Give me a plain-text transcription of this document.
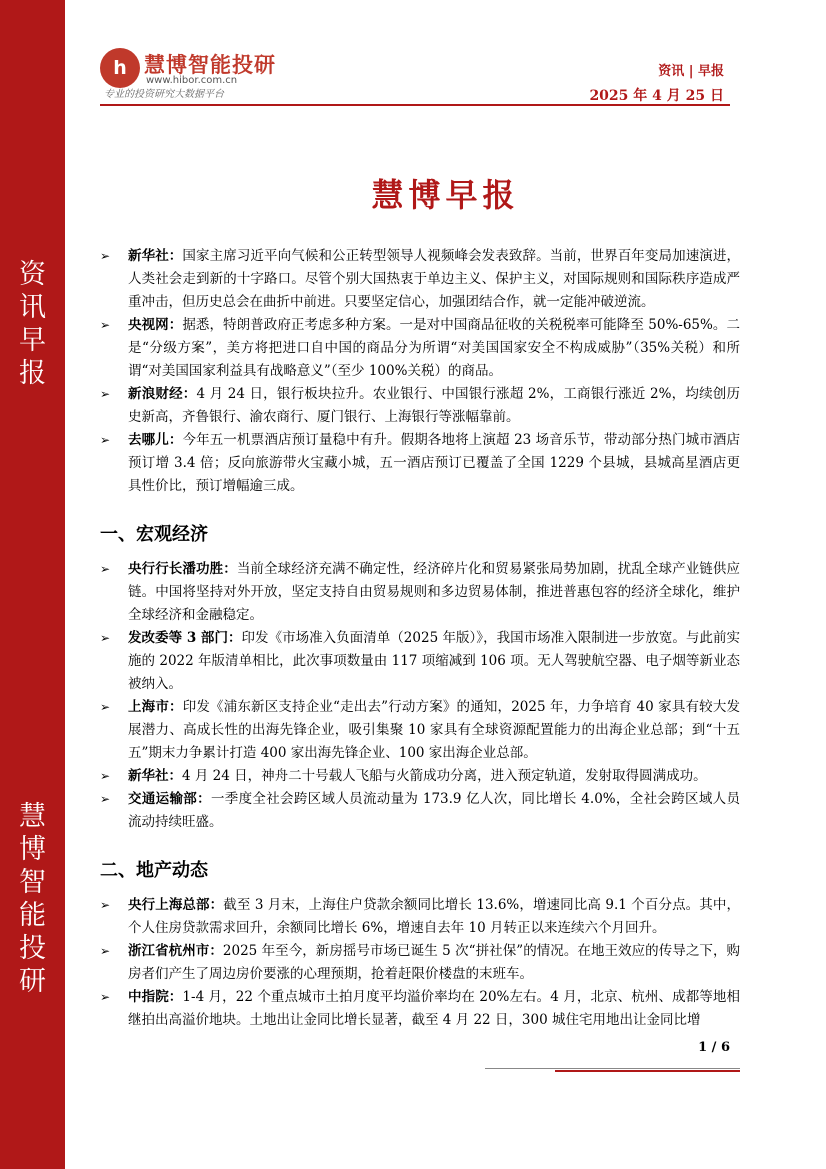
资
讯
早
报
慧
博
智
能
投
研
h 慧博智能投研
www.hibor.com.cn
专业的投资研究大数据平台
资讯 | 早报
2025 年 4 月 25 日
慧博早报
➢ 新华社：国家主席习近平向气候和公正转型领导人视频峰会发表致辞。当前，世界百年变局加速演进，人类社会走到新的十字路口。尽管个别大国热衷于单边主义、保护主义，对国际规则和国际秩序造成严重冲击，但历史总会在曲折中前进。只要坚定信心，加强团结合作，就一定能冲破逆流。
➢ 央视网：据悉，特朗普政府正考虑多种方案。一是对中国商品征收的关税税率可能降至 50%-65%。二是“分级方案”，美方将把进口自中国的商品分为所谓“对美国国家安全不构成威胁”（35%关税）和所谓“对美国国家利益具有战略意义”（至少 100%关税）的商品。
➢ 新浪财经：4 月 24 日，银行板块拉升。农业银行、中国银行涨超 2%，工商银行涨近 2%，均续创历史新高，齐鲁银行、渝农商行、厦门银行、上海银行等涨幅靠前。
➢ 去哪儿：今年五一机票酒店预订量稳中有升。假期各地将上演超 23 场音乐节，带动部分热门城市酒店预订增 3.4 倍；反向旅游带火宝藏小城，五一酒店预订已覆盖了全国 1229 个县城，县城高星酒店更具性价比，预订增幅逾三成。
一、宏观经济
➢ 央行行长潘功胜：当前全球经济充满不确定性，经济碎片化和贸易紧张局势加剧，扰乱全球产业链供应链。中国将坚持对外开放，坚定支持自由贸易规则和多边贸易体制，推进普惠包容的经济全球化，维护全球经济和金融稳定。
➢ 发改委等 3 部门：印发《市场准入负面清单（2025 年版）》，我国市场准入限制进一步放宽。与此前实施的 2022 年版清单相比，此次事项数量由 117 项缩减到 106 项。无人驾驶航空器、电子烟等新业态被纳入。
➢ 上海市：印发《浦东新区支持企业“走出去”行动方案》的通知，2025 年，力争培育 40 家具有较大发展潜力、高成长性的出海先锋企业，吸引集聚 10 家具有全球资源配置能力的出海企业总部；到“十五五”期末力争累计打造 400 家出海先锋企业、100 家出海企业总部。
➢ 新华社：4 月 24 日，神舟二十号载人飞船与火箭成功分离，进入预定轨道，发射取得圆满成功。
➢ 交通运输部：一季度全社会跨区域人员流动量为 173.9 亿人次，同比增长 4.0%，全社会跨区域人员流动持续旺盛。
二、地产动态
➢ 央行上海总部：截至 3 月末，上海住户贷款余额同比增长 13.6%，增速同比高 9.1 个百分点。其中，个人住房贷款需求回升，余额同比增长 6%，增速自去年 10 月转正以来连续六个月回升。
➢ 浙江省杭州市：2025 年至今，新房摇号市场已诞生 5 次“拼社保”的情况。在地王效应的传导之下，购房者们产生了周边房价要涨的心理预期，抢着赶限价楼盘的末班车。
➢ 中指院：1-4 月，22 个重点城市土拍月度平均溢价率均在 20%左右。4 月，北京、杭州、成都等地相继拍出高溢价地块。土地出让金同比增长显著，截至 4 月 22 日，300 城住宅用地出让金同比增
1 / 6
